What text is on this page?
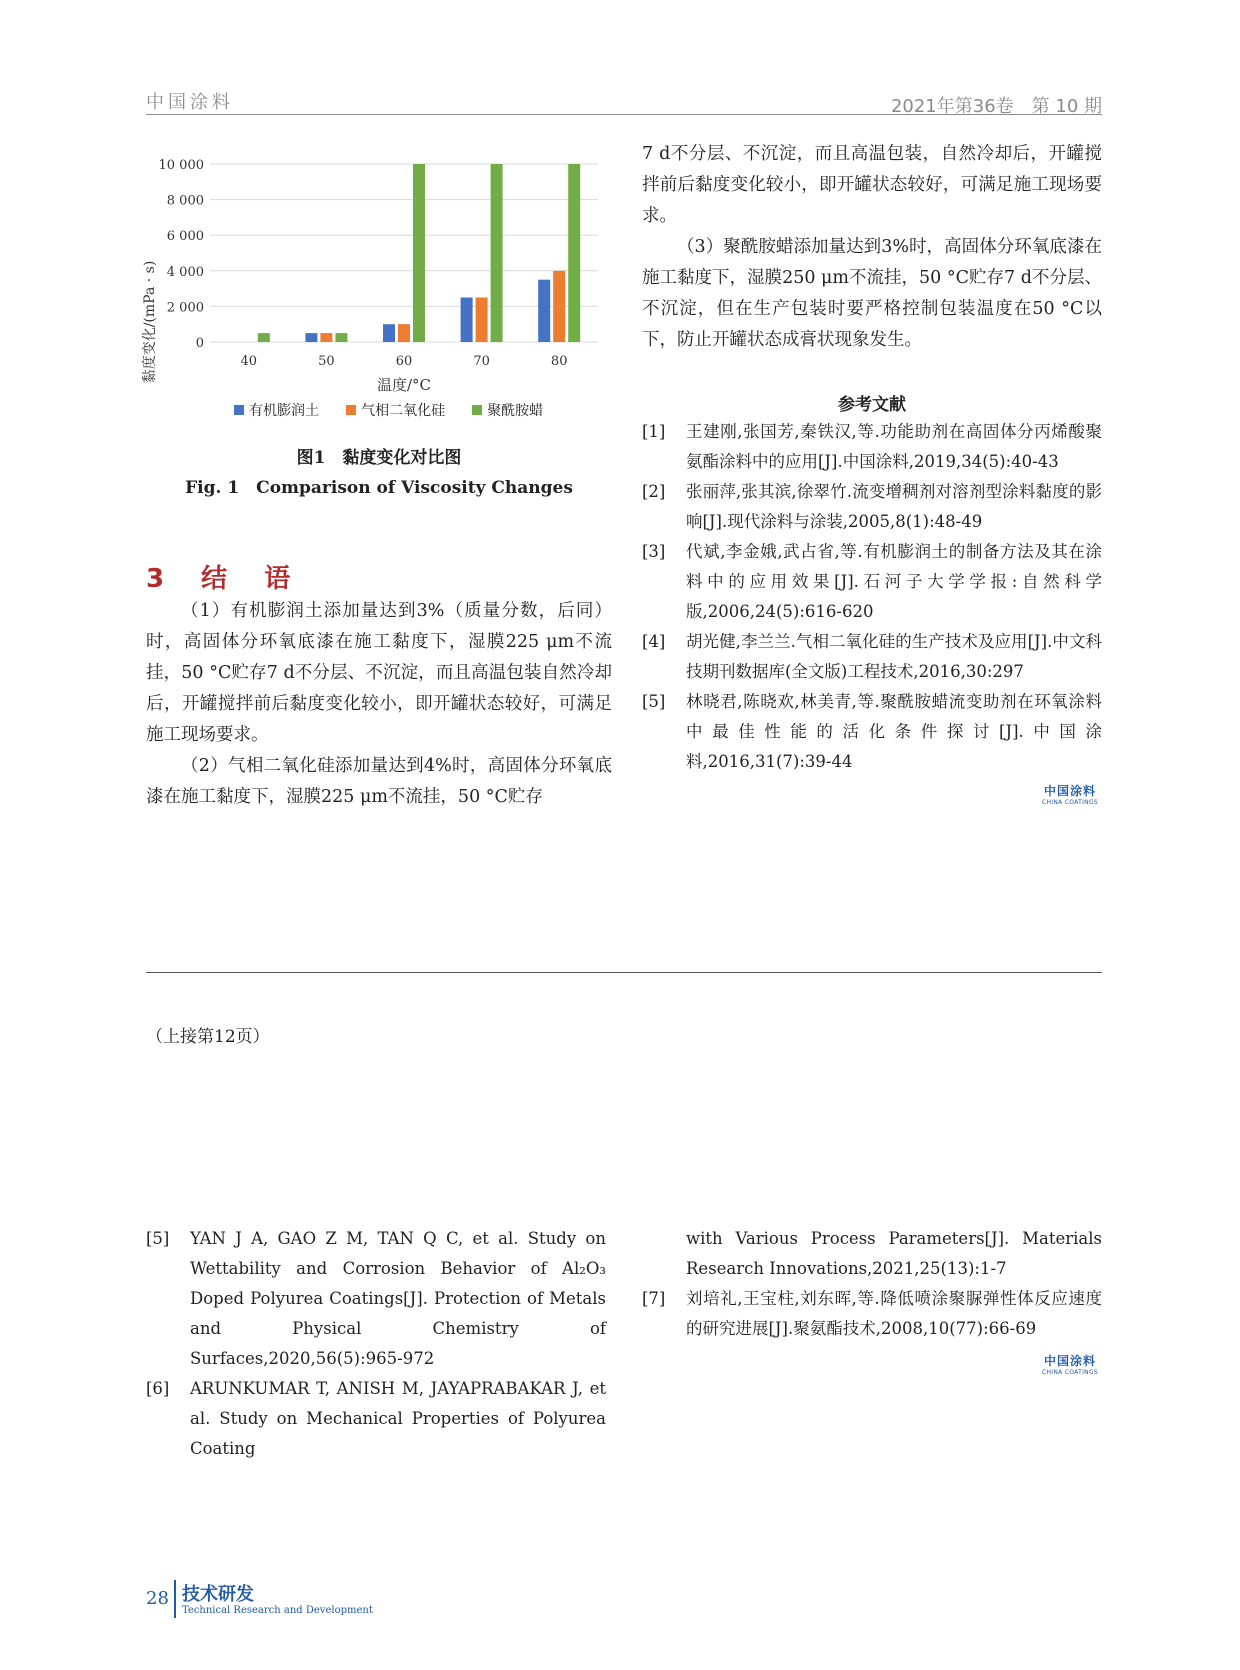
中国涂料	2021年第36卷　第 10 期
0
2 000
4 000
6 000
8 000
10 000
40	50	60	70	80
黏度变化/(mPa · s)
温度/°C
有机膨润土
	气相二氧化硅
	聚酰胺蜡
图1　黏度变化对比图
Fig. 1　Comparison of Viscosity Changes
3 结 语

（1）有机膨润土添加量达到3%（质量分数，后同）时，高固体分环氧底漆在施工黏度下，湿膜225 μm不流挂，50 °C贮存7 d不分层、不沉淀，而且高温包装自然冷却后，开罐搅拌前后黏度变化较小，即开罐状态较好，可满足施工现场要求。

（2）气相二氧化硅添加量达到4%时，高固体分环氧底漆在施工黏度下，湿膜225 μm不流挂，50 °C贮存

7 d不分层、不沉淀，而且高温包装，自然冷却后，开罐搅拌前后黏度变化较小，即开罐状态较好，可满足施工现场要求。

（3）聚酰胺蜡添加量达到3%时，高固体分环氧底漆在施工黏度下，湿膜250 μm不流挂，50 °C贮存7 d不分层、不沉淀，但在生产包装时要严格控制包装温度在50 °C以下，防止开罐状态成膏状现象发生。

参考文献
[1]	王建刚,张国芳,秦铁汉,等.功能助剂在高固体分丙烯酸聚氨酯涂料中的应用[J].中国涂料,2019,34(5):40-43
[2]	张丽萍,张其滨,徐翠竹.流变增稠剂对溶剂型涂料黏度的影响[J].现代涂料与涂装,2005,8(1):48-49
[3]	代斌,李金娥,武占省,等.有机膨润土的制备方法及其在涂料中的应用效果[J].石河子大学学报:自然科学版,2006,24(5):616-620
[4]	胡光健,李兰兰.气相二氧化硅的生产技术及应用[J].中文科技期刊数据库(全文版)工程技术,2016,30:297
[5]	林晓君,陈晓欢,林美青,等.聚酰胺蜡流变助剂在环氧涂料中最佳性能的活化条件探讨[J].中国涂料,2016,31(7):39-44
中国涂料
CHINA COATINGS
（上接第12页）
[5]	YAN J A, GAO Z M, TAN Q C, et al. Study on Wettability and Corrosion Behavior of Al₂O₃ Doped Polyurea Coatings[J]. Protection of Metals and Physical Chemistry of Surfaces,2020,56(5):965-972
[6]	ARUNKUMAR T, ANISH M, JAYAPRABAKAR J, et al. Study on Mechanical Properties of Polyurea Coating
with Various Process Parameters[J]. Materials Research Innovations,2021,25(13):1-7
[7]	刘培礼,王宝柱,刘东晖,等.降低喷涂聚脲弹性体反应速度的研究进展[J].聚氨酯技术,2008,10(77):66-69
中国涂料
CHINA COATINGS
28 技术研发
Technical Research and Development
